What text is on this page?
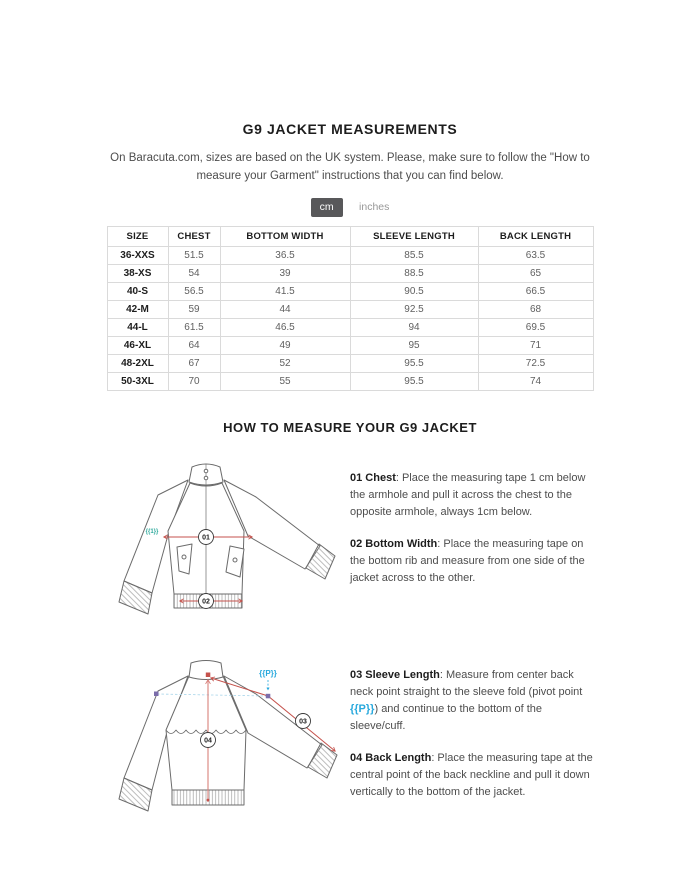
G9 JACKET MEASUREMENTS

On Baracuta.com, sizes are based on the UK system. Please, make sure to follow the "How to measure your Garment" instructions that you can find below.

cm inches
SIZE	CHEST	BOTTOM WIDTH	SLEEVE LENGTH	BACK LENGTH
36-XXS	51.5	36.5	85.5	63.5
38-XS	54	39	88.5	65
40-S	56.5	41.5	90.5	66.5
42-M	59	44	92.5	68
44-L	61.5	46.5	94	69.5
46-XL	64	49	95	71
48-2XL	67	52	95.5	72.5
50-3XL	70	55	95.5	74
HOW TO MEASURE YOUR G9 JACKET
{{1}}
01
02

01 Chest: Place the measuring tape 1 cm below the armhole and pull it across the chest to the opposite armhole, always 1cm below.

02 Bottom Width: Place the measuring tape on the bottom rib and measure from one side of the jacket across to the other.

{{P}}
03
04

03 Sleeve Length: Measure from center back neck point straight to the sleeve fold (pivot point {{P}}) and continue to the bottom of the sleeve/cuff.

04 Back Length: Place the measuring tape at the central point of the back neckline and pull it down vertically to the bottom of the jacket.
